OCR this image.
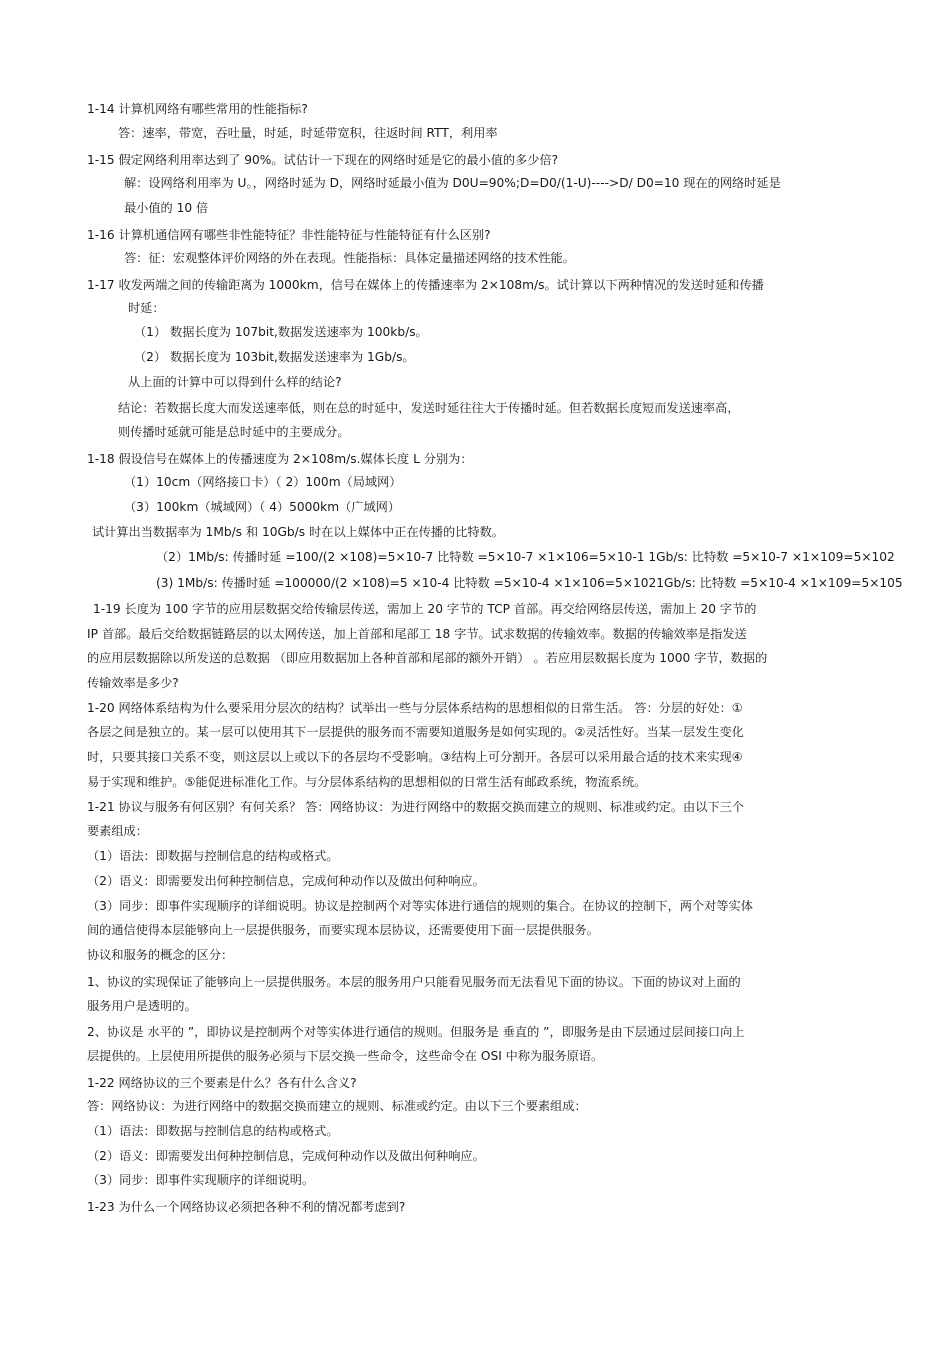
1-14 计算机网络有哪些常用的性能指标?
答：速率，带宽，吞吐量，时延，时延带宽积，往返时间 RTT，利用率
1-15 假定网络利用率达到了 90%。试估计一下现在的网络时延是它的最小值的多少倍?
解：设网络利用率为 U。，网络时延为 D，网络时延最小值为 D0U=90%;D=D0/(1-U)---->D/ D0=10 现在的网络时延是
最小值的 10 倍
1-16 计算机通信网有哪些非性能特征？非性能特征与性能特征有什么区别?
答：征：宏观整体评价网络的外在表现。性能指标：具体定量描述网络的技术性能。
1-17 收发两端之间的传输距离为 1000km，信号在媒体上的传播速率为 2×108m/s。试计算以下两种情况的发送时延和传播
时延：
（1） 数据长度为 107bit,数据发送速率为 100kb/s。
（2） 数据长度为 103bit,数据发送速率为 1Gb/s。
从上面的计算中可以得到什么样的结论?
结论：若数据长度大而发送速率低，则在总的时延中，发送时延往往大于传播时延。但若数据长度短而发送速率高，
则传播时延就可能是总时延中的主要成分。
1-18 假设信号在媒体上的传播速度为 2×108m/s.媒体长度 L 分别为：
（1）10cm（网络接口卡）（ 2）100m（局域网）
（3）100km（城域网）（ 4）5000km（广域网）
试计算出当数据率为 1Mb/s 和 10Gb/s 时在以上媒体中正在传播的比特数。
（2）1Mb/s: 传播时延 =100/(2 ×108)=5×10-7 比特数 =5×10-7 ×1×106=5×10-1 1Gb/s: 比特数 =5×10-7 ×1×109=5×102
(3) 1Mb/s: 传播时延 =100000/(2 ×108)=5 ×10-4 比特数 =5×10-4 ×1×106=5×1021Gb/s: 比特数 =5×10-4 ×1×109=5×105
1-19 长度为 100 字节的应用层数据交给传输层传送，需加上 20 字节的 TCP 首部。再交给网络层传送，需加上 20 字节的
IP 首部。最后交给数据链路层的以太网传送，加上首部和尾部工 18 字节。试求数据的传输效率。数据的传输效率是指发送
的应用层数据除以所发送的总数据 （即应用数据加上各种首部和尾部的额外开销） 。若应用层数据长度为 1000 字节，数据的
传输效率是多少?
1-20 网络体系结构为什么要采用分层次的结构？试举出一些与分层体系结构的思想相似的日常生活。 答：分层的好处：①
各层之间是独立的。某一层可以使用其下一层提供的服务而不需要知道服务是如何实现的。②灵活性好。当某一层发生变化
时，只要其接口关系不变，则这层以上或以下的各层均不受影响。③结构上可分割开。各层可以采用最合适的技术来实现④
易于实现和维护。⑤能促进标准化工作。与分层体系结构的思想相似的日常生活有邮政系统，物流系统。
1-21 协议与服务有何区别？有何关系？ 答：网络协议：为进行网络中的数据交换而建立的规则、标准或约定。由以下三个
要素组成：
（1）语法：即数据与控制信息的结构或格式。
（2）语义：即需要发出何种控制信息，完成何种动作以及做出何种响应。
（3）同步：即事件实现顺序的详细说明。协议是控制两个对等实体进行通信的规则的集合。在协议的控制下，两个对等实体
间的通信使得本层能够向上一层提供服务，而要实现本层协议，还需要使用下面一层提供服务。
协议和服务的概念的区分：
1、协议的实现保证了能够向上一层提供服务。本层的服务用户只能看见服务而无法看见下面的协议。下面的协议对上面的
服务用户是透明的。
2、协议是 水平的 ”，即协议是控制两个对等实体进行通信的规则。但服务是 垂直的 ”，即服务是由下层通过层间接口向上
层提供的。上层使用所提供的服务必须与下层交换一些命令，这些命令在 OSI 中称为服务原语。
1-22 网络协议的三个要素是什么？各有什么含义?
答：网络协议：为进行网络中的数据交换而建立的规则、标准或约定。由以下三个要素组成：
（1）语法：即数据与控制信息的结构或格式。
（2）语义：即需要发出何种控制信息，完成何种动作以及做出何种响应。
（3）同步：即事件实现顺序的详细说明。
1-23 为什么一个网络协议必须把各种不利的情况都考虑到?
